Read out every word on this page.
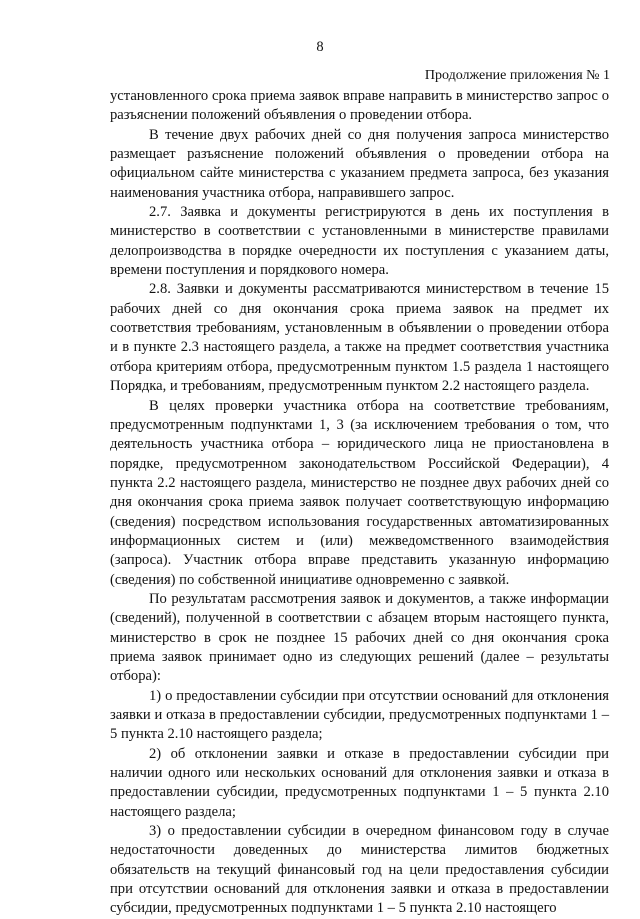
8
Продолжение приложения № 1

установленного срока приема заявок вправе направить в министерство запрос о разъяснении положений объявления о проведении отбора.

В течение двух рабочих дней со дня получения запроса министерство размещает разъяснение положений объявления о проведении отбора на официальном сайте министерства с указанием предмета запроса, без указания наименования участника отбора, направившего запрос.

2.7. Заявка и документы регистрируются в день их поступления в министерство в соответствии с установленными в министерстве правилами делопроизводства в порядке очередности их поступления с указанием даты, времени поступления и порядкового номера.

2.8. Заявки и документы рассматриваются министерством в течение 15 рабочих дней со дня окончания срока приема заявок на предмет их соответствия требованиям, установленным в объявлении о проведении отбора и в пункте 2.3 настоящего раздела, а также на предмет соответствия участника отбора критериям отбора, предусмотренным пунктом 1.5 раздела 1 настоящего Порядка, и требованиям, предусмотренным пунктом 2.2 настоящего раздела.

В целях проверки участника отбора на соответствие требованиям, предусмотренным подпунктами 1, 3 (за исключением требования о том, что деятельность участника отбора – юридического лица не приостановлена в порядке, предусмотренном законодательством Российской Федерации), 4 пункта 2.2 настоящего раздела, министерство не позднее двух рабочих дней со дня окончания срока приема заявок получает соответствующую информацию (сведения) посредством использования государственных автоматизированных информационных систем и (или) межведомственного взаимодействия (запроса). Участник отбора вправе представить указанную информацию (сведения) по собственной инициативе одновременно с заявкой.

По результатам рассмотрения заявок и документов, а также информации (сведений), полученной в соответствии с абзацем вторым настоящего пункта, министерство в срок не позднее 15 рабочих дней со дня окончания срока приема заявок принимает одно из следующих решений (далее – результаты отбора):

1) о предоставлении субсидии при отсутствии оснований для отклонения заявки и отказа в предоставлении субсидии, предусмотренных подпунктами 1 – 5 пункта 2.10 настоящего раздела;

2) об отклонении заявки и отказе в предоставлении субсидии при наличии одного или нескольких оснований для отклонения заявки и отказа в предоставлении субсидии, предусмотренных подпунктами 1 – 5 пункта 2.10 настоящего раздела;

3) о предоставлении субсидии в очередном финансовом году в случае недостаточности доведенных до министерства лимитов бюджетных обязательств на текущий финансовый год на цели предоставления субсидии при отсутствии оснований для отклонения заявки и отказа в предоставлении субсидии, предусмотренных подпунктами 1 – 5 пункта 2.10 настоящего
